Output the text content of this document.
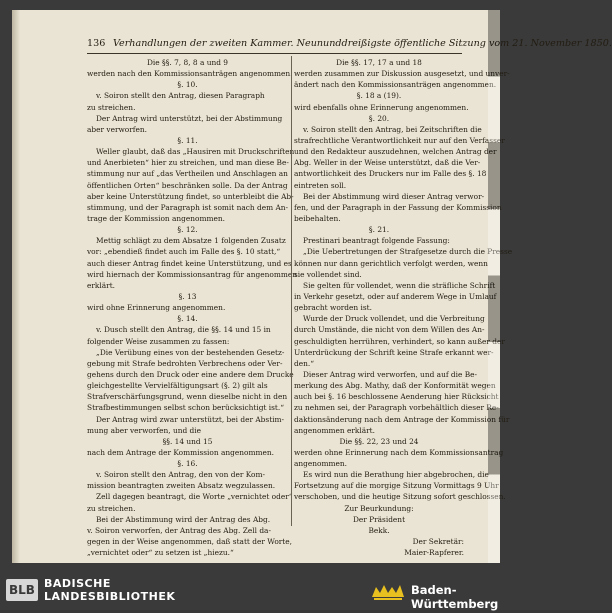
136 Verhandlungen der zweiten Kammer. Neununddreißigste öffentliche Sitzung vom 21. November 1850.
Die §§. 7, 8, 8 a und 9
werden nach den Kommissionsanträgen angenommen.
§. 10.
v. Soiron stellt den Antrag, diesen Paragraph
zu streichen.
Der Antrag wird unterstützt, bei der Abstimmung
aber verworfen.
§. 11.
Weller glaubt, daß das „Hausiren mit Druckschriften
und Anerbieten“ hier zu streichen, und man diese Be-
stimmung nur auf „das Vertheilen und Anschlagen an
öffentlichen Orten“ beschränken solle. Da der Antrag
aber keine Unterstützung findet, so unterbleibt die Ab-
stimmung, und der Paragraph ist somit nach dem An-
trage der Kommission angenommen.
§. 12.
Mettig schlägt zu dem Absatze 1 folgenden Zusatz
vor: „ebendieß findet auch im Falle des §. 10 statt,“
auch dieser Antrag findet keine Unterstützung, und es
wird hiernach der Kommissionsantrag für angenommen
erklärt.
§. 13
wird ohne Erinnerung angenommen.
§. 14.
v. Dusch stellt den Antrag, die §§. 14 und 15 in
folgender Weise zusammen zu fassen:
„Die Verübung eines von der bestehenden Gesetz-
gebung mit Strafe bedrohten Verbrechens oder Ver-
gehens durch den Druck oder eine andere dem Drucke
gleichgestellte Vervielfältigungsart (§. 2) gilt als
Strafverschärfungsgrund, wenn dieselbe nicht in den
Strafbestimmungen selbst schon berücksichtigt ist.“
Der Antrag wird zwar unterstützt, bei der Abstim-
mung aber verworfen, und die
§§. 14 und 15
nach dem Antrage der Kommission angenommen.
§. 16.
v. Soiron stellt den Antrag, den von der Kom-
mission beantragten zweiten Absatz wegzulassen.
Zell dagegen beantragt, die Worte „vernichtet oder“
zu streichen.
Bei der Abstimmung wird der Antrag des Abg.
v. Soiron verworfen, der Antrag des Abg. Zell da-
gegen in der Weise angenommen, daß statt der Worte,
„vernichtet oder“ zu setzen ist „hiezu.“
Die §§. 17, 17 a und 18
werden zusammen zur Diskussion ausgesetzt, und unver-
ändert nach den Kommissionsanträgen angenommen.
§. 18 a (19).
wird ebenfalls ohne Erinnerung angenommen.
§. 20.
v. Soiron stellt den Antrag, bei Zeitschriften die
strafrechtliche Verantwortlichkeit nur auf den Verfasser
und den Redakteur auszudehnen, welchen Antrag der
Abg. Weller in der Weise unterstützt, daß die Ver-
antwortlichkeit des Druckers nur im Falle des §. 18
eintreten soll.
Bei der Abstimmung wird dieser Antrag verwor-
fen, und der Paragraph in der Fassung der Kommission
beibehalten.
§. 21.
Prestinari beantragt folgende Fassung:
„Die Uebertretungen der Strafgesetze durch die Presse
können nur dann gerichtlich verfolgt werden, wenn
sie vollendet sind.
Sie gelten für vollendet, wenn die sträfliche Schrift
in Verkehr gesetzt, oder auf anderem Wege in Umlauf
gebracht worden ist.
Wurde der Druck vollendet, und die Verbreitung
durch Umstände, die nicht von dem Willen des An-
geschuldigten herrühren, verhindert, so kann außer der
Unterdrückung der Schrift keine Strafe erkannt wer-
den.“
Dieser Antrag wird verworfen, und auf die Be-
merkung des Abg. Mathy, daß der Konformität wegen
auch bei §. 16 beschlossene Aenderung hier Rücksicht
zu nehmen sei, der Paragraph vorbehältlich dieser Re-
daktionsänderung nach dem Antrage der Kommission für
angenommen erklärt.
Die §§. 22, 23 und 24
werden ohne Erinnerung nach dem Kommissionsantrag
angenommen.
Es wird nun die Berathung hier abgebrochen, die
Fortsetzung auf die morgige Sitzung Vormittags 9 Uhr
verschoben, und die heutige Sitzung sofort geschlossen.
Zur Beurkundung:
Der Präsident
Bekk.
Der Sekretär:
Maier-Rapferer.
BLB BADISCHE
LANDESBIBLIOTHEK	Baden-Württemberg
